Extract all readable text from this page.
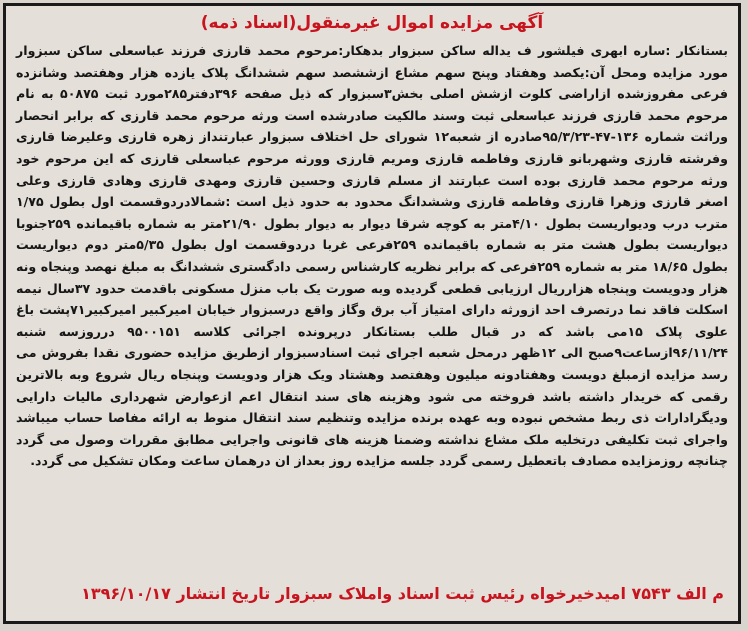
آگهی مزایده اموال غیرمنقول(اسناد ذمه)

بستانکار :ساره ابهری فیلشور ف یداله ساکن سبزوار بدهکار:مرحوم محمد قارزی فرزند عباسعلی ساکن سبزوار مورد مزایده ومحل آن:یکصد وهفتاد وپنج سهم مشاع ازششصد سهم ششدانگ پلاک یازده هزار وهفتصد وشانزده فرعی مفروزشده ازاراضی کلوت ازشش اصلی بخش۳سبزوار که ذیل صفحه ۳۹۶دفتر۲۸۵مورد ثبت ۵۰۸۷۵ به نام مرحوم محمد قارزی فرزند عباسعلی ثبت وسند مالکیت صادرشده است ورثه مرحوم محمد قارزی که برابر انحصار وراثت شماره ۱۳۶-۴۷-۹۵/۳/۲۳صادره از شعبه۱۲ شورای حل اختلاف سبزوار عبارتنداز زهره قارزی وعلیرضا قارزی وفرشته قارزی وشهربانو قارزی وفاطمه قارزی ومریم قارزی وورثه مرحوم عباسعلی قارزی که این مرحوم خود ورثه مرحوم محمد قارزی بوده است عبارتند از مسلم قارزی وحسین قارزی ومهدی قارزی وهادی قارزی وعلی اصغر قارزی وزهرا قارزی وفاطمه قارزی وششدانگ محدود به حدود ذیل است :شمالادردوقسمت اول بطول ۱/۷۵ مترب درب ودیواریست بطول ۴/۱۰متر به کوچه شرقا دیوار به دیوار بطول ۲۱/۹۰متر به شماره باقیمانده ۲۵۹جنوبا دیواریست بطول هشت متر به شماره باقیمانده ۲۵۹فرعی غربا دردوقسمت اول بطول ۵/۳۵متر دوم دیواریست بطول ۱۸/۶۵ متر به شماره ۲۵۹فرعی که برابر نظریه کارشناس رسمی دادگستری ششدانگ به مبلغ نهصد وپنجاه ونه هزار ودویست وپنجاه هزارریال ارزیابی قطعی گردیده وبه صورت یک باب منزل مسکونی باقدمت حدود ۳۷سال نیمه اسکلت فاقد نما درتصرف احد ازورثه دارای امتیاز آب برق وگاز واقع درسبزوار خیابان امیرکبیر امیرکبیر۷۱پشت باغ علوی پلاک ۱۵می باشد که در قبال طلب بستانکار درپرونده اجرائی کلاسه ۹۵۰۰۱۵۱ درروزسه شنبه ۹۶/۱۱/۲۴ازساعت۹صبح الی ۱۲ظهر درمحل شعبه اجرای ثبت اسنادسبزوار ازطریق مزایده حضوری نقدا بفروش می رسد مزایده ازمبلغ دویست وهفتادونه میلیون وهفتصد وهشتاد ویک هزار ودویست وپنجاه ریال شروع وبه بالاترین رقمی که خریدار داشته باشد فروخته می شود وهزینه های سند انتقال اعم ازعوارض شهرداری مالیات دارایی ودیگرادارات ذی ربط مشخص نبوده وبه عهده برنده مزایده وتنظیم سند انتقال منوط به ارائه مفاصا حساب میباشد واجرای ثبت تکلیفی درتخلیه ملک مشاع نداشته وضمنا هزینه های قانونی واجرایی مطابق مقررات وصول می گردد چنانچه روزمزایده مصادف باتعطیل رسمی گردد جلسه مزایده روز بعداز ان درهمان ساعت ومکان تشکیل می گردد.

م الف ۷۵۴۳ امیدخیرخواه رئیس ثبت اسناد واملاک سبزوار تاریخ انتشار ۱۳۹۶/۱۰/۱۷
